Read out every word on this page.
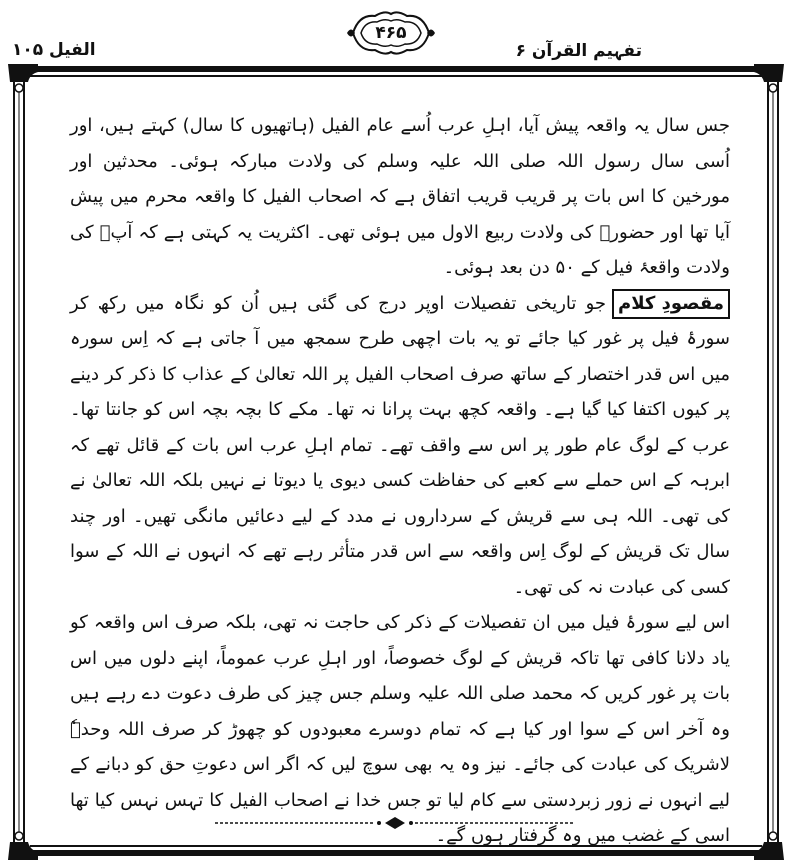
تفہیم القرآن ۶
۴۶۵
الفیل ۱۰۵

جس سال یہ واقعہ پیش آیا، اہلِ عرب اُسے عام الفیل (ہاتھیوں کا سال) کہتے ہیں، اور اُسی سال رسول اللہ صلی اللہ علیہ وسلم کی ولادت مبارکہ ہوئی۔ محدثین اور مورخین کا اس بات پر قریب قریب اتفاق ہے کہ اصحاب الفیل کا واقعہ محرم میں پیش آیا تھا اور حضورؐ کی ولادت ربیع الاول میں ہوئی تھی۔ اکثریت یہ کہتی ہے کہ آپؐ کی ولادت واقعۂ فیل کے ۵۰ دن بعد ہوئی۔

مقصودِ کلامجو تاریخی تفصیلات اوپر درج کی گئی ہیں اُن کو نگاہ میں رکھ کر سورۂ فیل پر غور کیا جائے تو یہ بات اچھی طرح سمجھ میں آ جاتی ہے کہ اِس سورہ میں اس قدر اختصار کے ساتھ صرف اصحاب الفیل پر اللہ تعالیٰ کے عذاب کا ذکر کر دینے پر کیوں اکتفا کیا گیا ہے۔ واقعہ کچھ بہت پرانا نہ تھا۔ مکے کا بچہ بچہ اس کو جانتا تھا۔ عرب کے لوگ عام طور پر اس سے واقف تھے۔ تمام اہلِ عرب اس بات کے قائل تھے کہ ابرہہ کے اس حملے سے کعبے کی حفاظت کسی دیوی یا دیوتا نے نہیں بلکہ اللہ تعالیٰ نے کی تھی۔ اللہ ہی سے قریش کے سرداروں نے مدد کے لیے دعائیں مانگی تھیں۔ اور چند سال تک قریش کے لوگ اِس واقعہ سے اس قدر متأثر رہے تھے کہ انہوں نے اللہ کے سوا کسی کی عبادت نہ کی تھی۔

اس لیے سورۂ فیل میں ان تفصیلات کے ذکر کی حاجت نہ تھی، بلکہ صرف اس واقعہ کو یاد دلانا کافی تھا تاکہ قریش کے لوگ خصوصاً، اور اہلِ عرب عموماً، اپنے دلوں میں اس بات پر غور کریں کہ محمد صلی اللہ علیہ وسلم جس چیز کی طرف دعوت دے رہے ہیں وہ آخر اس کے سوا اور کیا ہے کہ تمام دوسرے معبودوں کو چھوڑ کر صرف اللہ وحدہٗ لاشریک کی عبادت کی جائے۔ نیز وہ یہ بھی سوچ لیں کہ اگر اس دعوتِ حق کو دبانے کے لیے انہوں نے زور زبردستی سے کام لیا تو جس خدا نے اصحاب الفیل کا تہس نہس کیا تھا اسی کے غضب میں وہ گرفتار ہوں گے۔
